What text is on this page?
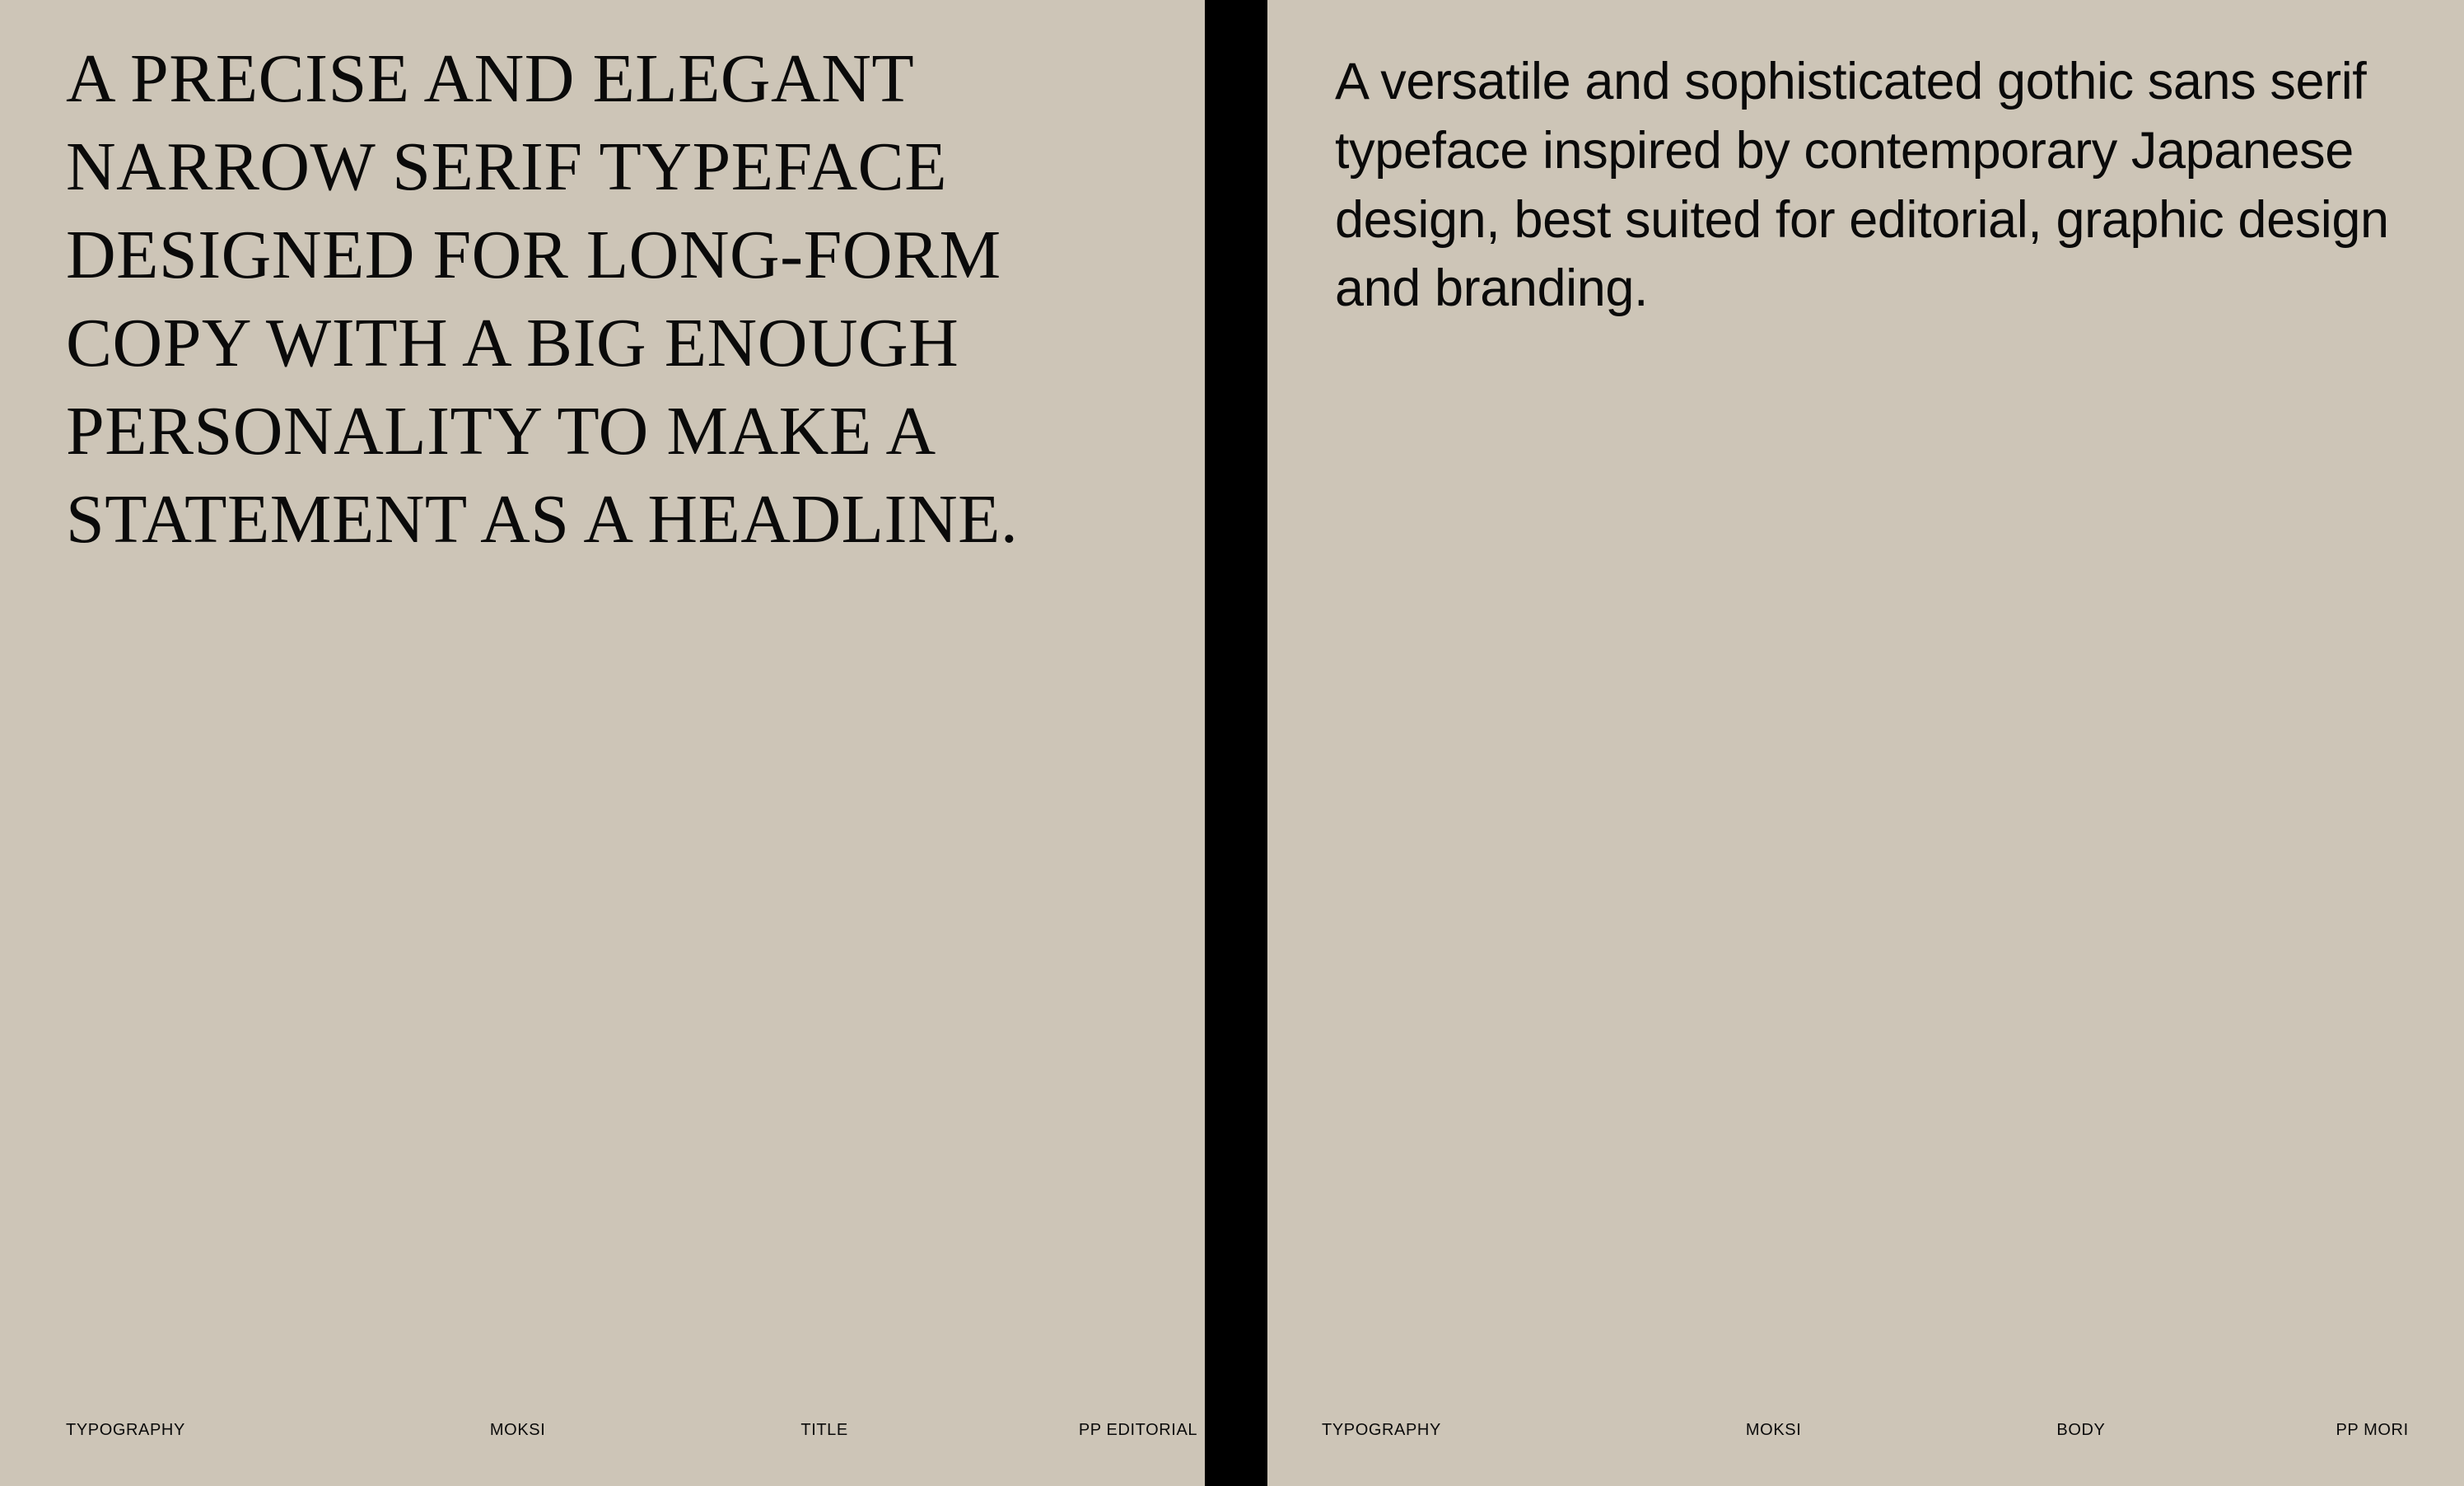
A PRECISE AND ELEGANT NARROW SERIF TYPEFACE DESIGNED FOR LONG-FORM COPY WITH A BIG ENOUGH PERSONALITY TO MAKE A STATEMENT AS A HEADLINE.
TYPOGRAPHY	MOKSI	TITLE	PP EDITORIAL
A versatile and sophisticated gothic sans serif typeface inspired by contemporary Japanese design, best suited for editorial, graphic design and branding.
TYPOGRAPHY	MOKSI	BODY	PP MORI
